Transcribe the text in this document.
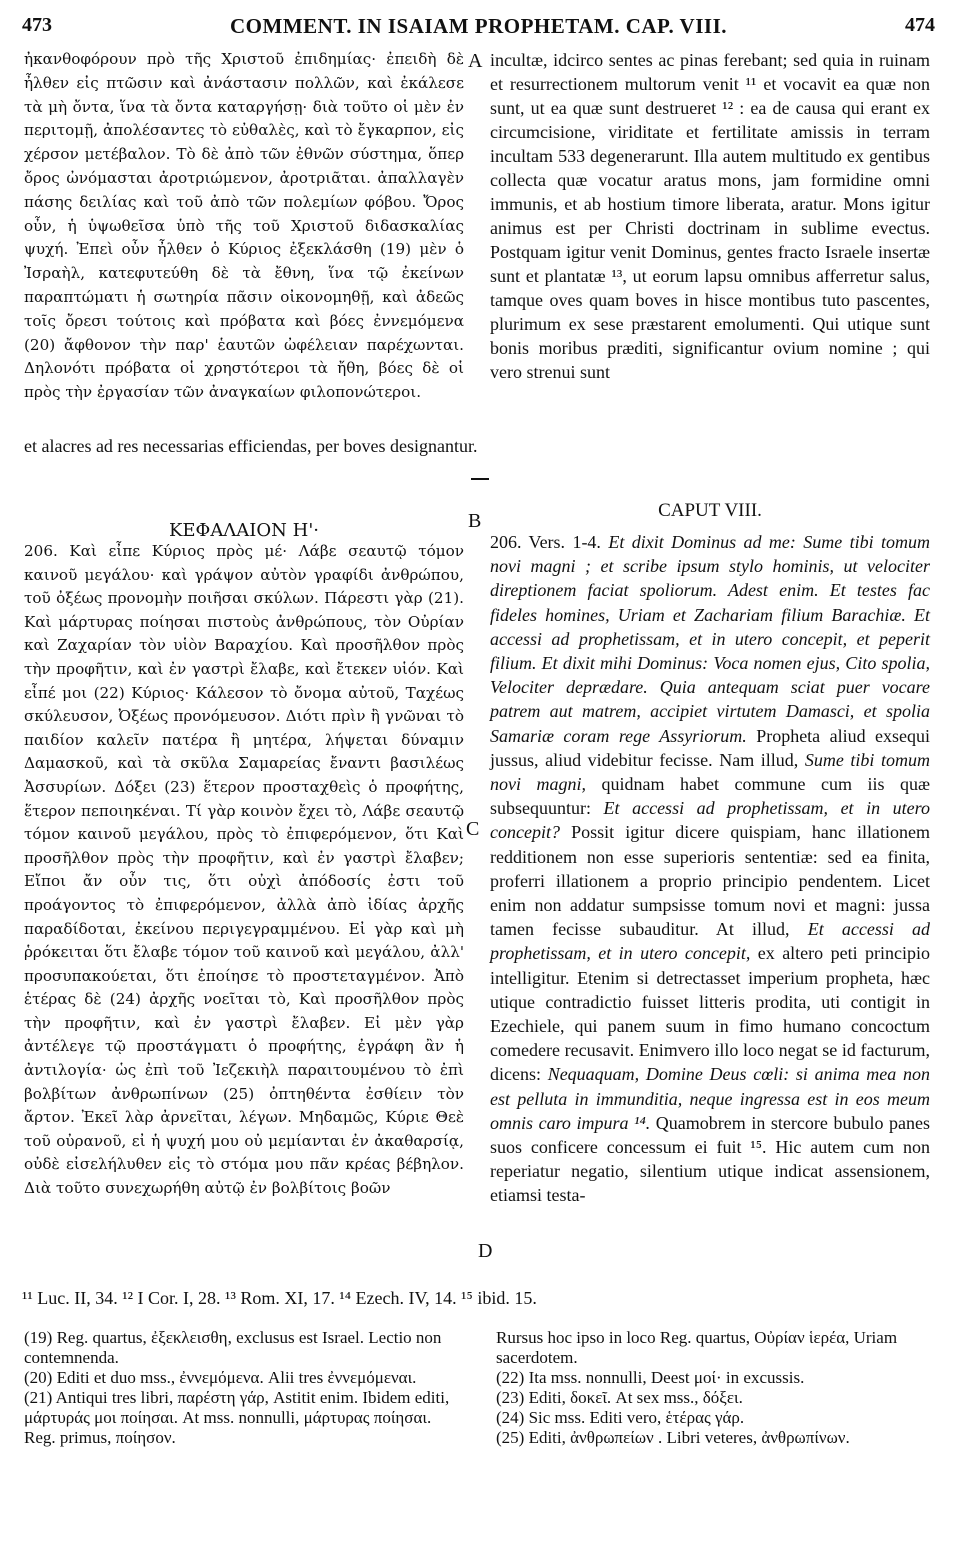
473	COMMENT. IN ISAIAM PROPHETAM. CAP. VIII.	474
ἠκανθοφόρουν πρὸ τῆς Χριστοῦ ἐπιδημίας· ἐπειδὴ δὲ ἦλθεν εἰς πτῶσιν καὶ ἀνάστασιν πολλῶν, καὶ ἐκάλεσε τὰ μὴ ὄντα, ἵνα τὰ ὄντα καταργήσῃ· διὰ τοῦτο οἱ μὲν ἐν περιτομῇ, ἀπολέσαντες τὸ εὐθαλὲς, καὶ τὸ ἔγκαρπον, εἰς χέρσον μετέβαλον. Τὸ δὲ ἀπὸ τῶν ἐθνῶν σύστημα, ὅπερ ὄρος ὠνόμασται ἀροτριώμενον, ἀροτριᾶται. ἀπαλλαγὲν πάσης δειλίας καὶ τοῦ ἀπὸ τῶν πολεμίων φόβου. Ὄρος οὖν, ἡ ὑψωθεῖσα ὑπὸ τῆς τοῦ Χριστοῦ διδασκαλίας ψυχή. Ἐπεὶ οὖν ἦλθεν ὁ Κύριος ἐξεκλάσθη (19) μὲν ὁ Ἰσραὴλ, κατεφυτεύθη δὲ τὰ ἔθνη, ἵνα τῷ ἐκείνων παραπτώματι ἡ σωτηρία πᾶσιν οἰκονομηθῇ, καὶ ἀδεῶς τοῖς ὄρεσι τούτοις καὶ πρόβατα καὶ βόες ἐννεμόμενα (20) ἄφθονον τὴν παρ' ἑαυτῶν ὠφέλειαν παρέχωνται. Δηλονότι πρόβατα οἱ χρηστότεροι τὰ ἤθη, βόες δὲ οἱ πρὸς τὴν ἐργασίαν τῶν ἀναγκαίων φιλοπονώτεροι.
A incultæ, idcirco sentes ac pinas ferebant; sed quia in ruinam et resurrectionem multorum venit ¹¹ et vocavit ea quæ non sunt, ut ea quæ sunt destrueret ¹² : ea de causa qui erant ex circumcisione, viriditate et fertilitate amissis in terram incultam 533 degenerarunt. Illa autem multitudo ex gentibus collecta quæ vocatur aratus mons, jam formidine omni immunis, et ab hostium timore liberata, aratur. Mons igitur animus est per Christi doctrinam in sublime evectus. Postquam igitur venit Dominus, gentes fracto Israele insertæ sunt et plantatæ ¹³, ut eorum lapsu omnibus afferretur salus, tamque oves quam boves in hisce montibus tuto pascentes, plurimum ex sese præstarent emolumenti. Qui utique sunt bonis moribus præditi, significantur ovium nomine ; qui vero strenui sunt
et alacres ad res necessarias efficiendas, per boves designantur.
ΚΕΦΑΛΑΙΟΝ Η'·	B	CAPUT VIII.
206. Καὶ εἶπε Κύριος πρὸς μέ· Λάβε σεαυτῷ τόμον καινοῦ μεγάλου· καὶ γράψον αὐτὸν γραφίδι ἀνθρώπου, τοῦ ὀξέως προνομὴν ποιῆσαι σκύλων. Πάρεστι γὰρ (21). Καὶ μάρτυρας ποίησαι πιστοὺς ἀνθρώπους, τὸν Οὐρίαν καὶ Ζαχαρίαν τὸν υἱὸν Βαραχίου. Καὶ προσῆλθον πρὸς τὴν προφῆτιν, καὶ ἐν γαστρὶ ἔλαβε, καὶ ἔτεκεν υἱόν. Καὶ εἶπέ μοι (22) Κύριος· Κάλεσον τὸ ὄνομα αὐτοῦ, Ταχέως σκύλευσον, Ὀξέως προνόμευσον. Διότι πρὶν ἢ γνῶναι τὸ παιδίον καλεῖν πατέρα ἢ μητέρα, λήψεται δύναμιν Δαμασκοῦ, καὶ τὰ σκῦλα Σαμαρείας ἔναντι βασιλέως Ἀσσυρίων. Δόξει (23) ἕτερον προσταχθεὶς ὁ προφήτης, ἕτερον πεποιηκέναι. Τί γὰρ κοινὸν ἔχει τὸ, Λάβε σεαυτῷ τόμον καινοῦ μεγάλου, πρὸς τὸ ἐπιφερόμενον, ὅτι Καὶ προσῆλθον πρὸς τὴν προφῆτιν, καὶ ἐν γαστρὶ ἔλαβεν; Εἴποι ἄν οὖν τις, ὅτι οὐχὶ ἀπόδοσίς ἐστι τοῦ προάγοντος τὸ ἐπιφερόμενον, ἀλλὰ ἀπὸ ἰδίας ἀρχῆς παραδίδοται, ἐκείνου περιγεγραμμένου. Εἰ γὰρ καὶ μὴ ῥρόκειται ὅτι ἔλαβε τόμον τοῦ καινοῦ καὶ μεγάλου, ἀλλ' προσυπακούεται, ὅτι ἐποίησε τὸ προστεταγμένον. Ἀπὸ ἑτέρας δὲ (24) ἀρχῆς νοεῖται τὸ, Καὶ προσῆλθον πρὸς τὴν προφῆτιν, καὶ ἐν γαστρὶ ἔλαβεν. Εἰ μὲν γὰρ ἀντέλεγε τῷ προστάγματι ὁ προφήτης, ἐγράφη ἂν ἡ ἀντιλογία· ὡς ἐπὶ τοῦ Ἰεζεκιὴλ παραιτουμένου τὸ ἐπὶ βολβίτων ἀνθρωπίνων (25) ὀπτηθέντα ἐσθίειν τὸν ἄρτον. Ἐκεῖ λὰρ ἀρνεῖται, λέγων. Μηδαμῶς, Κύριε Θεὲ τοῦ οὐρανοῦ, εἰ ἡ ψυχή μου οὐ μεμίανται ἐν ἀκαθαρσίᾳ, οὐδὲ εἰσελήλυθεν εἰς τὸ στόμα μου πᾶν κρέας βέβηλον. Διὰ τοῦτο συνεχωρήθη αὐτῷ ἐν βολβίτοις βοῶν
C
D
206. Vers. 1-4. Et dixit Dominus ad me: Sume tibi tomum novi magni ; et scribe ipsum stylo hominis, ut velociter direptionem faciat spoliorum. Adest enim. Et testes fac fideles homines, Uriam et Zachariam filium Barachiæ. Et accessi ad prophetissam, et in utero concepit, et peperit filium. Et dixit mihi Dominus: Voca nomen ejus, Cito spolia, Velociter deprædare. Quia antequam sciat puer vocare patrem aut matrem, accipiet virtutem Damasci, et spolia Samariæ coram rege Assyriorum. Propheta aliud exsequi jussus, aliud videbitur fecisse. Nam illud, Sume tibi tomum novi magni, quidnam habet commune cum iis quæ subsequuntur: Et accessi ad prophetissam, et in utero concepit? Possit igitur dicere quispiam, hanc illationem redditionem non esse superioris sententiæ: sed ea finita, proferri illationem a proprio principio pendentem. Licet enim non addatur sumpsisse tomum novi et magni: jussa tamen fecisse subauditur. At illud, Et accessi ad prophetissam, et in utero concepit, ex altero peti principio intelligitur. Etenim si detrectasset imperium propheta, hæc utique contradictio fuisset litteris prodita, uti contigit in Ezechiele, qui panem suum in fimo humano concoctum comedere recusavit. Enimvero illo loco negat se id facturum, dicens: Nequaquam, Domine Deus cœli: si anima mea non est pelluta in immunditia, neque ingressa est in eos meum omnis caro impura ¹⁴. Quamobrem in stercore bubulo panes suos conficere concessum ei fuit ¹⁵. Hic autem cum non reperiatur negatio, silentium utique indicat assensionem, etiamsi testa-
¹¹ Luc. II, 34. ¹² I Cor. I, 28. ¹³ Rom. XI, 17. ¹⁴ Ezech. IV, 14. ¹⁵ ibid. 15.

(19) Reg. quartus, ἐξεκλεισθη, exclusus est Israel. Lectio non contemnenda.

(20) Editi et duo mss., ἐννεμόμενα. Alii tres ἐννεμόμεναι.

(21) Antiqui tres libri, παρέστη γάρ, Astitit enim. Ibidem editi, μάρτυράς μοι ποίησαι. At mss. nonnulli, μάρτυρας ποίησαι. Reg. primus, ποίησον.

Rursus hoc ipso in loco Reg. quartus, Οὐρίαν ἱερέα, Uriam sacerdotem.

(22) Ita mss. nonnulli, Deest μοί· in excussis.

(23) Editi, δοκεῖ. At sex mss., δόξει.

(24) Sic mss. Editi vero, ἑτέρας γάρ.

(25) Editi, ἀνθρωπείων . Libri veteres, ἀνθρωπίνων.
